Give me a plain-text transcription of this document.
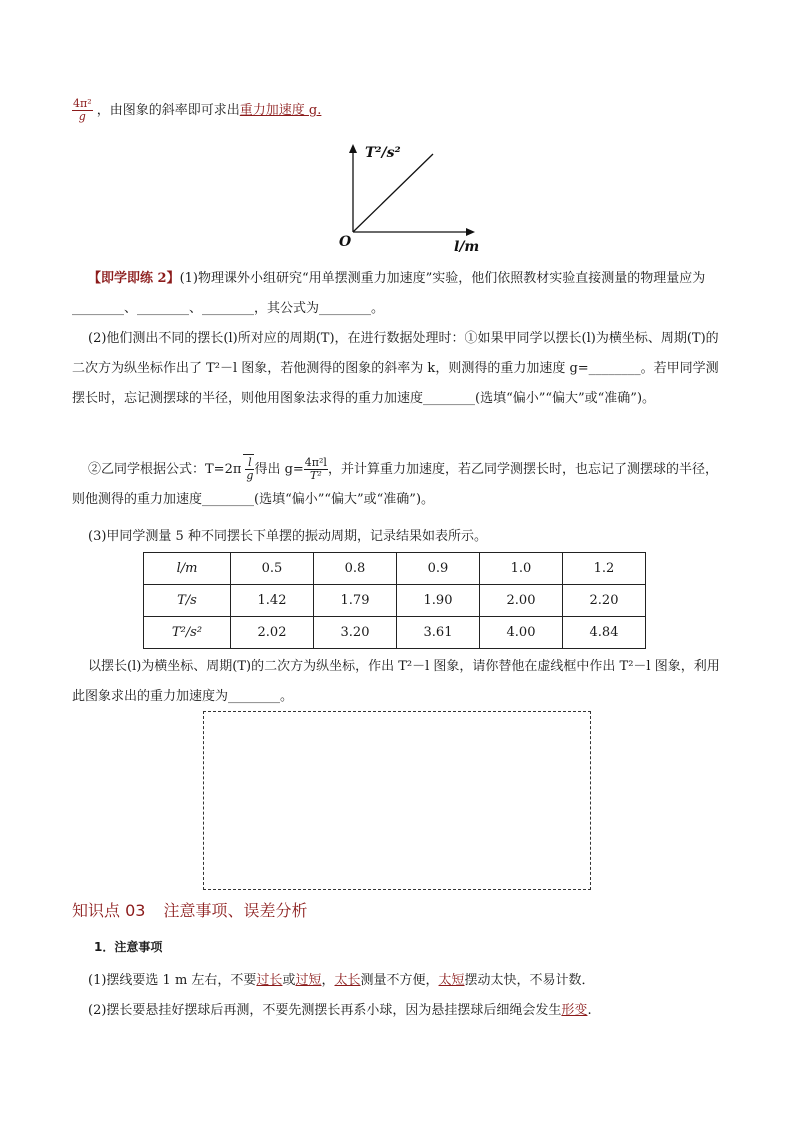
$\frac{\text{4π²}}{g}$ ，由图象的斜率即可求出重力加速度 g.
T²/s²
O	l/m
【即学即练 2】(1)物理课外小组研究“用单摆测重力加速度”实验，他们依照教材实验直接测量的物理量应为________、________、________，其公式为________。
(2)他们测出不同的摆长(l)所对应的周期(T)，在进行数据处理时：①如果甲同学以摆长(l)为横坐标、周期(T)的二次方为纵坐标作出了 T²－l 图象，若他测得的图象的斜率为 k，则测得的重力加速度 g=________。若甲同学测摆长时，忘记测摆球的半径，则他用图象法求得的重力加速度________(选填“偏小”“偏大”或“准确”)。
②乙同学根据公式：$T=2\pi \frac{l}{g}$ 得出 $g= \frac{\text{4π²l}}{\text{T²}}$ ，并计算重力加速度，若乙同学测摆长时，也忘记了测摆球的半径，则他测得的重力加速度________(选填“偏小”“偏大”或“准确”)。
(3)甲同学测量 5 种不同摆长下单摆的振动周期，记录结果如表所示。
l/m	0.5	0.8	0.9	1.0	1.2
T/s	1.42	1.79	1.90	2.00	2.20
T²/s²	2.02	3.20	3.61	4.00	4.84
以摆长(l)为横坐标、周期(T)的二次方为纵坐标，作出 T²－l 图象，请你替他在虚线框中作出 T²－l 图象，利用此图象求出的重力加速度为________。
知识点 03 注意事项、误差分析
1．注意事项
(1)摆线要选 1 m 左右，不要过长或过短，太长测量不方便，太短摆动太快，不易计数．
(2)摆长要悬挂好摆球后再测，不要先测摆长再系小球，因为悬挂摆球后细绳会发生形变.
